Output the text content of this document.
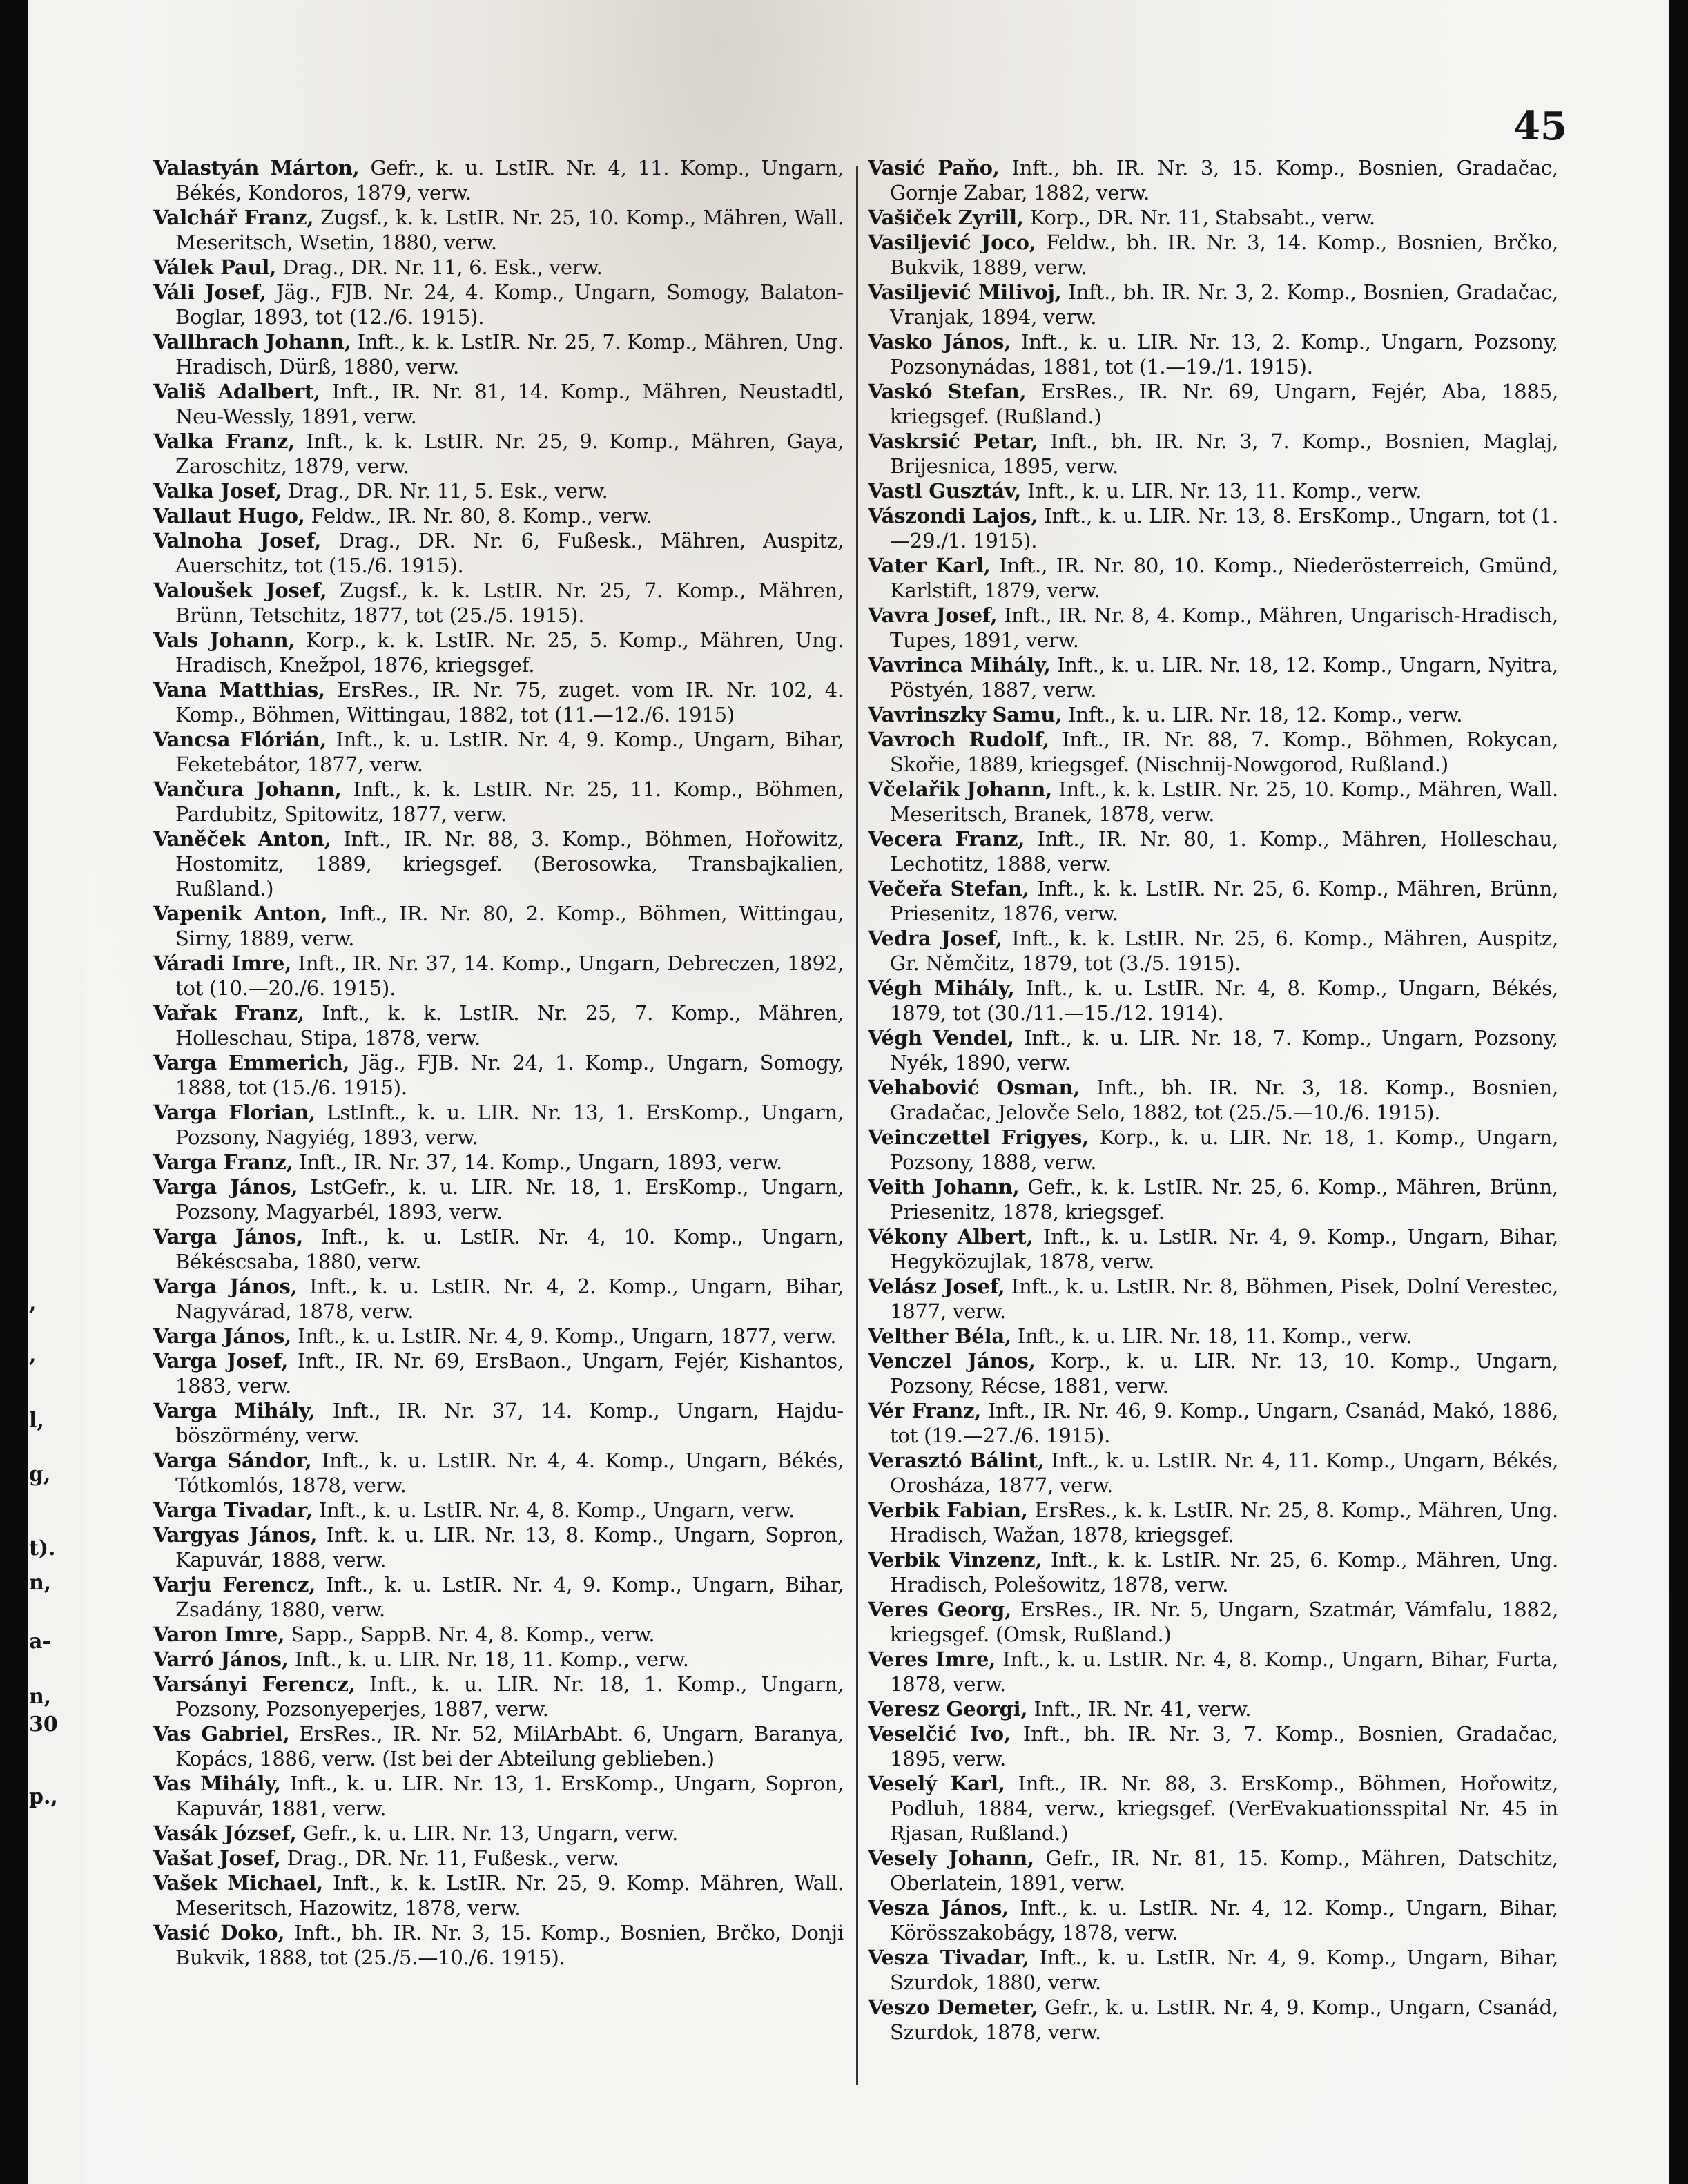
,
,
l,
g,
t).
n,
a-
n,
30
p.,
45

Valastyán Márton, Gefr., k. u. LstIR. Nr. 4, 11. Komp., Ungarn, Békés, Kondoros, 1879, verw.

Valchář Franz, Zugsf., k. k. LstIR. Nr. 25, 10. Komp., Mähren, Wall. Meseritsch, Wsetin, 1880, verw.

Válek Paul, Drag., DR. Nr. 11, 6. Esk., verw.

Váli Josef, Jäg., FJB. Nr. 24, 4. Komp., Ungarn, Somogy, Balaton-Boglar, 1893, tot (12./6. 1915).

Vallhrach Johann, Inft., k. k. LstIR. Nr. 25, 7. Komp., Mähren, Ung. Hradisch, Dürß, 1880, verw.

Vališ Adalbert, Inft., IR. Nr. 81, 14. Komp., Mähren, Neustadtl, Neu-Wessly, 1891, verw.

Valka Franz, Inft., k. k. LstIR. Nr. 25, 9. Komp., Mähren, Gaya, Zaroschitz, 1879, verw.

Valka Josef, Drag., DR. Nr. 11, 5. Esk., verw.

Vallaut Hugo, Feldw., IR. Nr. 80, 8. Komp., verw.

Valnoha Josef, Drag., DR. Nr. 6, Fußesk., Mähren, Auspitz, Auerschitz, tot (15./6. 1915).

Valoušek Josef, Zugsf., k. k. LstIR. Nr. 25, 7. Komp., Mähren, Brünn, Tetschitz, 1877, tot (25./5. 1915).

Vals Johann, Korp., k. k. LstIR. Nr. 25, 5. Komp., Mähren, Ung. Hradisch, Knežpol, 1876, kriegsgef.

Vana Matthias, ErsRes., IR. Nr. 75, zuget. vom IR. Nr. 102, 4. Komp., Böhmen, Wittingau, 1882, tot (11.—12./6. 1915)

Vancsa Flórián, Inft., k. u. LstIR. Nr. 4, 9. Komp., Ungarn, Bihar, Feketebátor, 1877, verw.

Vančura Johann, Inft., k. k. LstIR. Nr. 25, 11. Komp., Böhmen, Pardubitz, Spitowitz, 1877, verw.

Vaněček Anton, Inft., IR. Nr. 88, 3. Komp., Böhmen, Hořowitz, Hostomitz, 1889, kriegsgef. (Berosowka, Transbajkalien, Rußland.)

Vapenik Anton, Inft., IR. Nr. 80, 2. Komp., Böhmen, Wittingau, Sirny, 1889, verw.

Váradi Imre, Inft., IR. Nr. 37, 14. Komp., Ungarn, Debreczen, 1892, tot (10.—20./6. 1915).

Vařak Franz, Inft., k. k. LstIR. Nr. 25, 7. Komp., Mähren, Holleschau, Stipa, 1878, verw.

Varga Emmerich, Jäg., FJB. Nr. 24, 1. Komp., Ungarn, Somogy, 1888, tot (15./6. 1915).

Varga Florian, LstInft., k. u. LIR. Nr. 13, 1. ErsKomp., Ungarn, Pozsony, Nagyiég, 1893, verw.

Varga Franz, Inft., IR. Nr. 37, 14. Komp., Ungarn, 1893, verw.

Varga János, LstGefr., k. u. LIR. Nr. 18, 1. ErsKomp., Ungarn, Pozsony, Magyarbél, 1893, verw.

Varga János, Inft., k. u. LstIR. Nr. 4, 10. Komp., Ungarn, Békéscsaba, 1880, verw.

Varga János, Inft., k. u. LstIR. Nr. 4, 2. Komp., Ungarn, Bihar, Nagyvárad, 1878, verw.

Varga János, Inft., k. u. LstIR. Nr. 4, 9. Komp., Ungarn, 1877, verw.

Varga Josef, Inft., IR. Nr. 69, ErsBaon., Ungarn, Fejér, Kishantos, 1883, verw.

Varga Mihály, Inft., IR. Nr. 37, 14. Komp., Ungarn, Hajdu-böszörmény, verw.

Varga Sándor, Inft., k. u. LstIR. Nr. 4, 4. Komp., Ungarn, Békés, Tótkomlós, 1878, verw.

Varga Tivadar, Inft., k. u. LstIR. Nr. 4, 8. Komp., Ungarn, verw.

Vargyas János, Inft. k. u. LIR. Nr. 13, 8. Komp., Ungarn, Sopron, Kapuvár, 1888, verw.

Varju Ferencz, Inft., k. u. LstIR. Nr. 4, 9. Komp., Ungarn, Bihar, Zsadány, 1880, verw.

Varon Imre, Sapp., SappB. Nr. 4, 8. Komp., verw.

Varró János, Inft., k. u. LIR. Nr. 18, 11. Komp., verw.

Varsányi Ferencz, Inft., k. u. LIR. Nr. 18, 1. Komp., Ungarn, Pozsony, Pozsonyeperjes, 1887, verw.

Vas Gabriel, ErsRes., IR. Nr. 52, MilArbAbt. 6, Ungarn, Baranya, Kopács, 1886, verw. (Ist bei der Abteilung geblieben.)

Vas Mihály, Inft., k. u. LIR. Nr. 13, 1. ErsKomp., Ungarn, Sopron, Kapuvár, 1881, verw.

Vasák József, Gefr., k. u. LIR. Nr. 13, Ungarn, verw.

Vašat Josef, Drag., DR. Nr. 11, Fußesk., verw.

Vašek Michael, Inft., k. k. LstIR. Nr. 25, 9. Komp. Mähren, Wall. Meseritsch, Hazowitz, 1878, verw.

Vasić Doko, Inft., bh. IR. Nr. 3, 15. Komp., Bosnien, Brčko, Donji Bukvik, 1888, tot (25./5.—10./6. 1915).

Vasić Paňo, Inft., bh. IR. Nr. 3, 15. Komp., Bosnien, Gradačac, Gornje Zabar, 1882, verw.

Vašiček Zyrill, Korp., DR. Nr. 11, Stabsabt., verw.

Vasiljević Joco, Feldw., bh. IR. Nr. 3, 14. Komp., Bosnien, Brčko, Bukvik, 1889, verw.

Vasiljević Milivoj, Inft., bh. IR. Nr. 3, 2. Komp., Bosnien, Gradačac, Vranjak, 1894, verw.

Vasko János, Inft., k. u. LIR. Nr. 13, 2. Komp., Ungarn, Pozsony, Pozsonynádas, 1881, tot (1.—19./1. 1915).

Vaskó Stefan, ErsRes., IR. Nr. 69, Ungarn, Fejér, Aba, 1885, kriegsgef. (Rußland.)

Vaskrsić Petar, Inft., bh. IR. Nr. 3, 7. Komp., Bosnien, Maglaj, Brijesnica, 1895, verw.

Vastl Gusztáv, Inft., k. u. LIR. Nr. 13, 11. Komp., verw.

Vászondi Lajos, Inft., k. u. LIR. Nr. 13, 8. ErsKomp., Ungarn, tot (1.—29./1. 1915).

Vater Karl, Inft., IR. Nr. 80, 10. Komp., Niederösterreich, Gmünd, Karlstift, 1879, verw.

Vavra Josef, Inft., IR. Nr. 8, 4. Komp., Mähren, Ungarisch-Hradisch, Tupes, 1891, verw.

Vavrinca Mihály, Inft., k. u. LIR. Nr. 18, 12. Komp., Ungarn, Nyitra, Pöstyén, 1887, verw.

Vavrinszky Samu, Inft., k. u. LIR. Nr. 18, 12. Komp., verw.

Vavroch Rudolf, Inft., IR. Nr. 88, 7. Komp., Böhmen, Rokycan, Skořie, 1889, kriegsgef. (Nischnij-Nowgorod, Rußland.)

Včelařik Johann, Inft., k. k. LstIR. Nr. 25, 10. Komp., Mähren, Wall. Meseritsch, Branek, 1878, verw.

Vecera Franz, Inft., IR. Nr. 80, 1. Komp., Mähren, Holleschau, Lechotitz, 1888, verw.

Večeřa Stefan, Inft., k. k. LstIR. Nr. 25, 6. Komp., Mähren, Brünn, Priesenitz, 1876, verw.

Vedra Josef, Inft., k. k. LstIR. Nr. 25, 6. Komp., Mähren, Auspitz, Gr. Němčitz, 1879, tot (3./5. 1915).

Végh Mihály, Inft., k. u. LstIR. Nr. 4, 8. Komp., Ungarn, Békés, 1879, tot (30./11.—15./12. 1914).

Végh Vendel, Inft., k. u. LIR. Nr. 18, 7. Komp., Ungarn, Pozsony, Nyék, 1890, verw.

Vehabović Osman, Inft., bh. IR. Nr. 3, 18. Komp., Bosnien, Gradačac, Jelovče Selo, 1882, tot (25./5.—10./6. 1915).

Veinczettel Frigyes, Korp., k. u. LIR. Nr. 18, 1. Komp., Ungarn, Pozsony, 1888, verw.

Veith Johann, Gefr., k. k. LstIR. Nr. 25, 6. Komp., Mähren, Brünn, Priesenitz, 1878, kriegsgef.

Vékony Albert, Inft., k. u. LstIR. Nr. 4, 9. Komp., Ungarn, Bihar, Hegyközujlak, 1878, verw.

Velász Josef, Inft., k. u. LstIR. Nr. 8, Böhmen, Pisek, Dolní Verestec, 1877, verw.

Velther Béla, Inft., k. u. LIR. Nr. 18, 11. Komp., verw.

Venczel János, Korp., k. u. LIR. Nr. 13, 10. Komp., Ungarn, Pozsony, Récse, 1881, verw.

Vér Franz, Inft., IR. Nr. 46, 9. Komp., Ungarn, Csanád, Makó, 1886, tot (19.—27./6. 1915).

Verasztó Bálint, Inft., k. u. LstIR. Nr. 4, 11. Komp., Ungarn, Békés, Orosháza, 1877, verw.

Verbik Fabian, ErsRes., k. k. LstIR. Nr. 25, 8. Komp., Mähren, Ung. Hradisch, Wažan, 1878, kriegsgef.

Verbik Vinzenz, Inft., k. k. LstIR. Nr. 25, 6. Komp., Mähren, Ung. Hradisch, Polešowitz, 1878, verw.

Veres Georg, ErsRes., IR. Nr. 5, Ungarn, Szatmár, Vámfalu, 1882, kriegsgef. (Omsk, Rußland.)

Veres Imre, Inft., k. u. LstIR. Nr. 4, 8. Komp., Ungarn, Bihar, Furta, 1878, verw.

Veresz Georgi, Inft., IR. Nr. 41, verw.

Veselčić Ivo, Inft., bh. IR. Nr. 3, 7. Komp., Bosnien, Gradačac, 1895, verw.

Veselý Karl, Inft., IR. Nr. 88, 3. ErsKomp., Böhmen, Hořowitz, Podluh, 1884, verw., kriegsgef. (VerEvakuationsspital Nr. 45 in Rjasan, Rußland.)

Vesely Johann, Gefr., IR. Nr. 81, 15. Komp., Mähren, Datschitz, Oberlatein, 1891, verw.

Vesza János, Inft., k. u. LstIR. Nr. 4, 12. Komp., Ungarn, Bihar, Körösszakobágy, 1878, verw.

Vesza Tivadar, Inft., k. u. LstIR. Nr. 4, 9. Komp., Ungarn, Bihar, Szurdok, 1880, verw.

Veszo Demeter, Gefr., k. u. LstIR. Nr. 4, 9. Komp., Ungarn, Csanád, Szurdok, 1878, verw.
